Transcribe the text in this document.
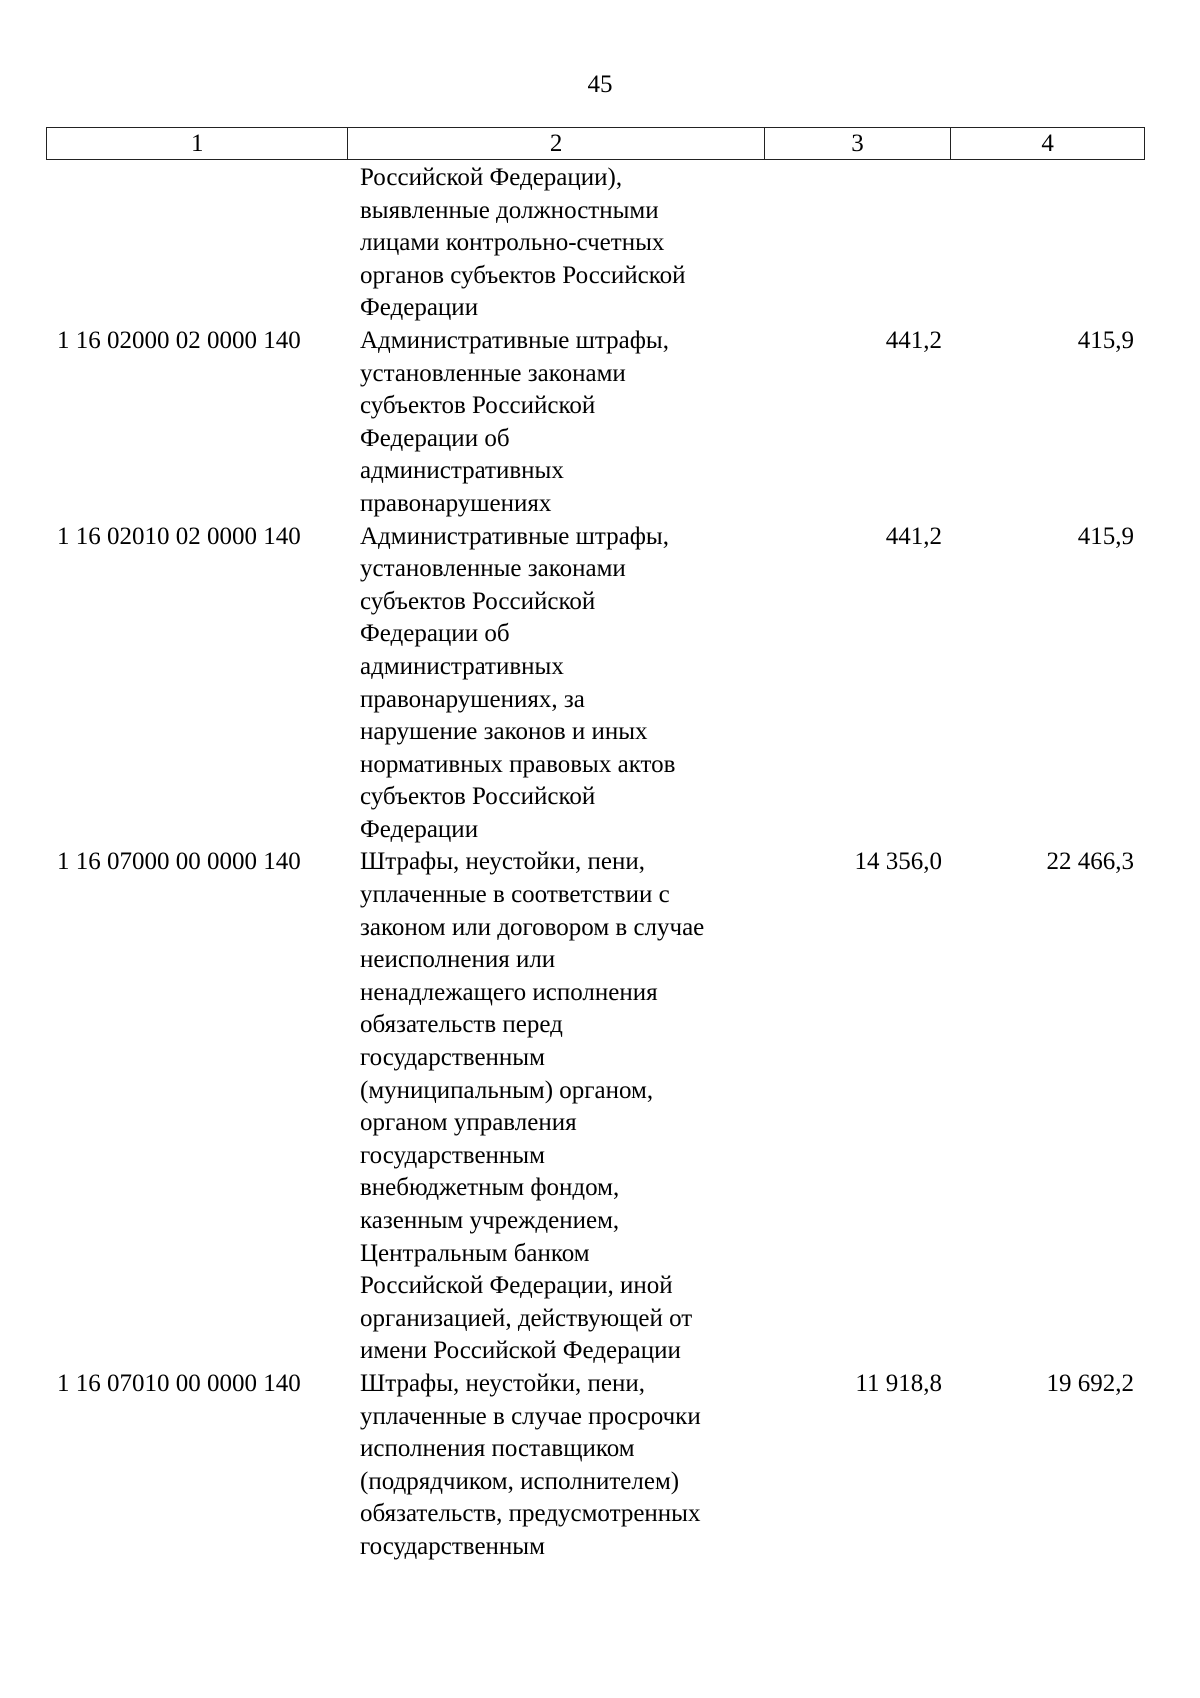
45
1	2	3	4
Российской Федерации),
выявленные должностными
лицами контрольно-счетных
органов субъектов Российской
Федерации
1 16 02000 02 0000 140	Административные штрафы,
установленные законами
субъектов Российской
Федерации об
административных
правонарушениях
441,2	415,9
1 16 02010 02 0000 140	Административные штрафы,
установленные законами
субъектов Российской
Федерации об
административных
правонарушениях, за
нарушение законов и иных
нормативных правовых актов
субъектов Российской
Федерации
441,2	415,9
1 16 07000 00 0000 140	Штрафы, неустойки, пени,
уплаченные в соответствии с
законом или договором в случае
неисполнения или
ненадлежащего исполнения
обязательств перед
государственным
(муниципальным) органом,
органом управления
государственным
внебюджетным фондом,
казенным учреждением,
Центральным банком
Российской Федерации, иной
организацией, действующей от
имени Российской Федерации
14 356,0	22 466,3
1 16 07010 00 0000 140	Штрафы, неустойки, пени,
уплаченные в случае просрочки
исполнения поставщиком
(подрядчиком, исполнителем)
обязательств, предусмотренных
государственным
11 918,8	19 692,2
